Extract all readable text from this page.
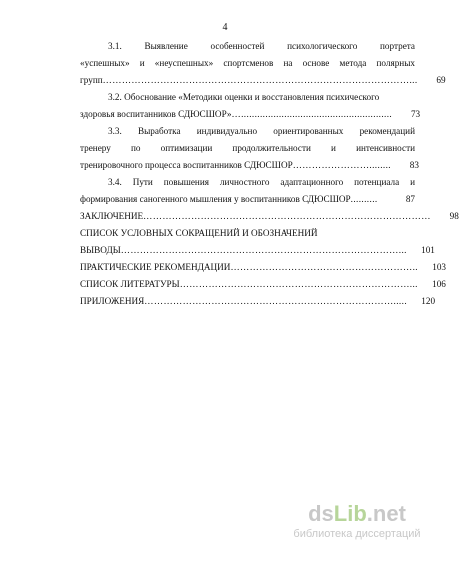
4
3.1. Выявление особенностей психологического портрета
«успешных» и «неуспешных» спортсменов на основе метода полярных
групп ……………………………………………………………………………………...	69
3.2. Обоснование «Методики оценки и восстановления психического
здоровья воспитанников СДЮСШОР» …........................................................	73
3.3. Выработка индивидуально ориентированных рекомендаций
тренеру по оптимизации продолжительности и интенсивности
тренировочного процесса воспитанников СДЮСШОР ……………………........	83
3.4. Пути повышения личностного адаптационного потенциала и
формирования саногенного мышления у воспитанников СДЮСШОР ..........	87
ЗАКЛЮЧЕНИЕ ………………………………………………………………………………	98
СПИСОК УСЛОВНЫХ СОКРАЩЕНИЙ И ОБОЗНАЧЕНИЙ
ВЫВОДЫ ……………………………………………………………………………...	101
ПРАКТИЧЕСКИЕ РЕКОМЕНДАЦИИ …………………………………………………..	103
СПИСОК ЛИТЕРАТУРЫ ………………………………………………………………...	106
ПРИЛОЖЕНИЯ …………………………………………………………………….....	120
ds Lib .net
библиотека диссертаций
